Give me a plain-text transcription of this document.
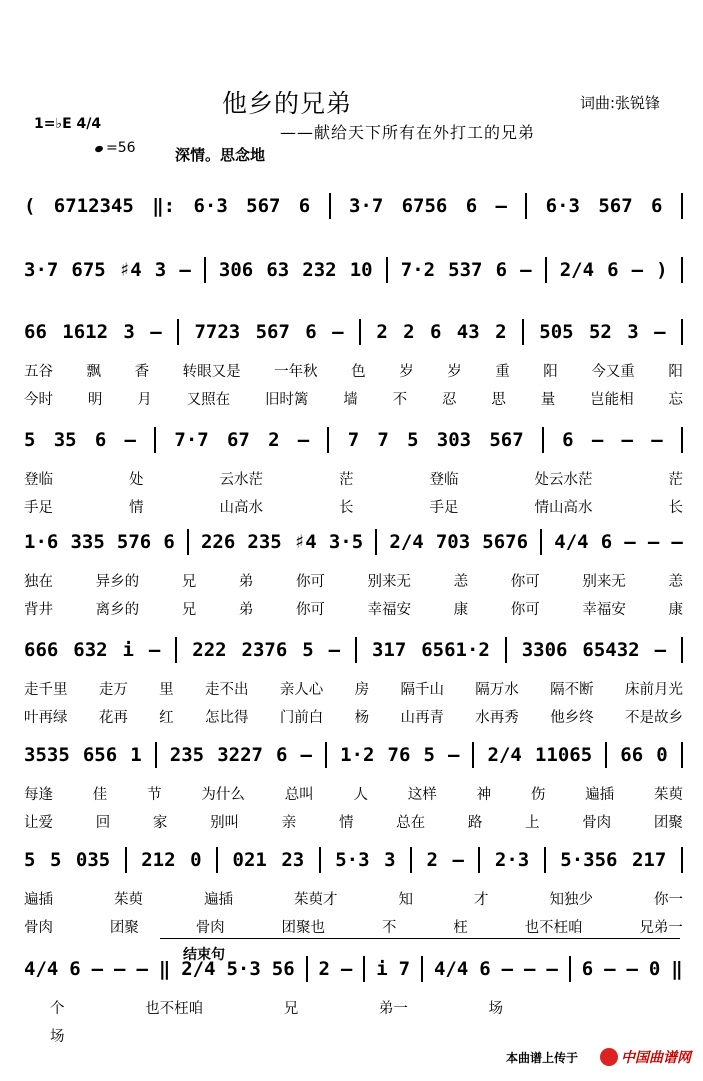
他乡的兄弟	词曲:张锐锋
——献给天下所有在外打工的兄弟
1=♭E 4/4
=56	深情。思念地
( 6712345 ‖: 6·3 567 6 3·7 6756 6 – 6·3 567 6
3·7 675 ♯4 3 – 306 63 232 10 7·2 537 6 – 2/4 6 – )
66 1612 3 – 7723 567 6 – 2 2 6 43 2 505 52 3 –
五谷 飘 香 转眼又是 一年秋 色 岁 岁 重 阳 今又重 阳
今时 明 月 又照在 旧时篱 墙 不 忍 思 量 岂能相 忘
5 35 6 – 7·7 67 2 – 7 7 5 303 567 6 – – –
登临	处	云水茫	茫	登临	处云水茫	茫
手足	情	山高水	长	手足	情山高水	长
1·6 335 576 6 226 235 ♯4 3·5 2/4 703 5676 4/4 6 – – –
独在	异乡的	兄	弟	你可	别来无	恙	你可	别来无	恙
背井	离乡的	兄	弟	你可	幸福安	康	你可	幸福安	康
666 632 i – 222 2376 5 – 317 6561·2 3306 65432 –
走千里 走万 里 走不出 亲人心 房 隔千山 隔万水 隔不断 床前月光
叶再绿 花再 红 怎比得 门前白 杨 山再青 水再秀 他乡终 不是故乡
3535 656 1 235 3227 6 – 1·2 76 5 – 2/4 11065 66 0
每逢	佳	节	为什么	总叫	人	这样	神	伤	遍插	茱萸
让爱	回	家	别叫	亲	情	总在	路	上	骨肉	团聚
5 5 035 212 0 021 23 5·3 3 2 – 2·3 5·356 217
遍插	茱萸	遍插	茱萸才	知	才	知独少	你一
骨肉	团聚	骨肉	团聚也	不	枉	也不枉咱	兄弟一
4/4 6 – – – ‖ 2/4 5·3 56 2 – i 7 4/4 6 – – – 6 – – 0 ‖
个	也不枉咱	兄	弟一	场
场
结束句
本曲谱上传于	中国曲谱网
